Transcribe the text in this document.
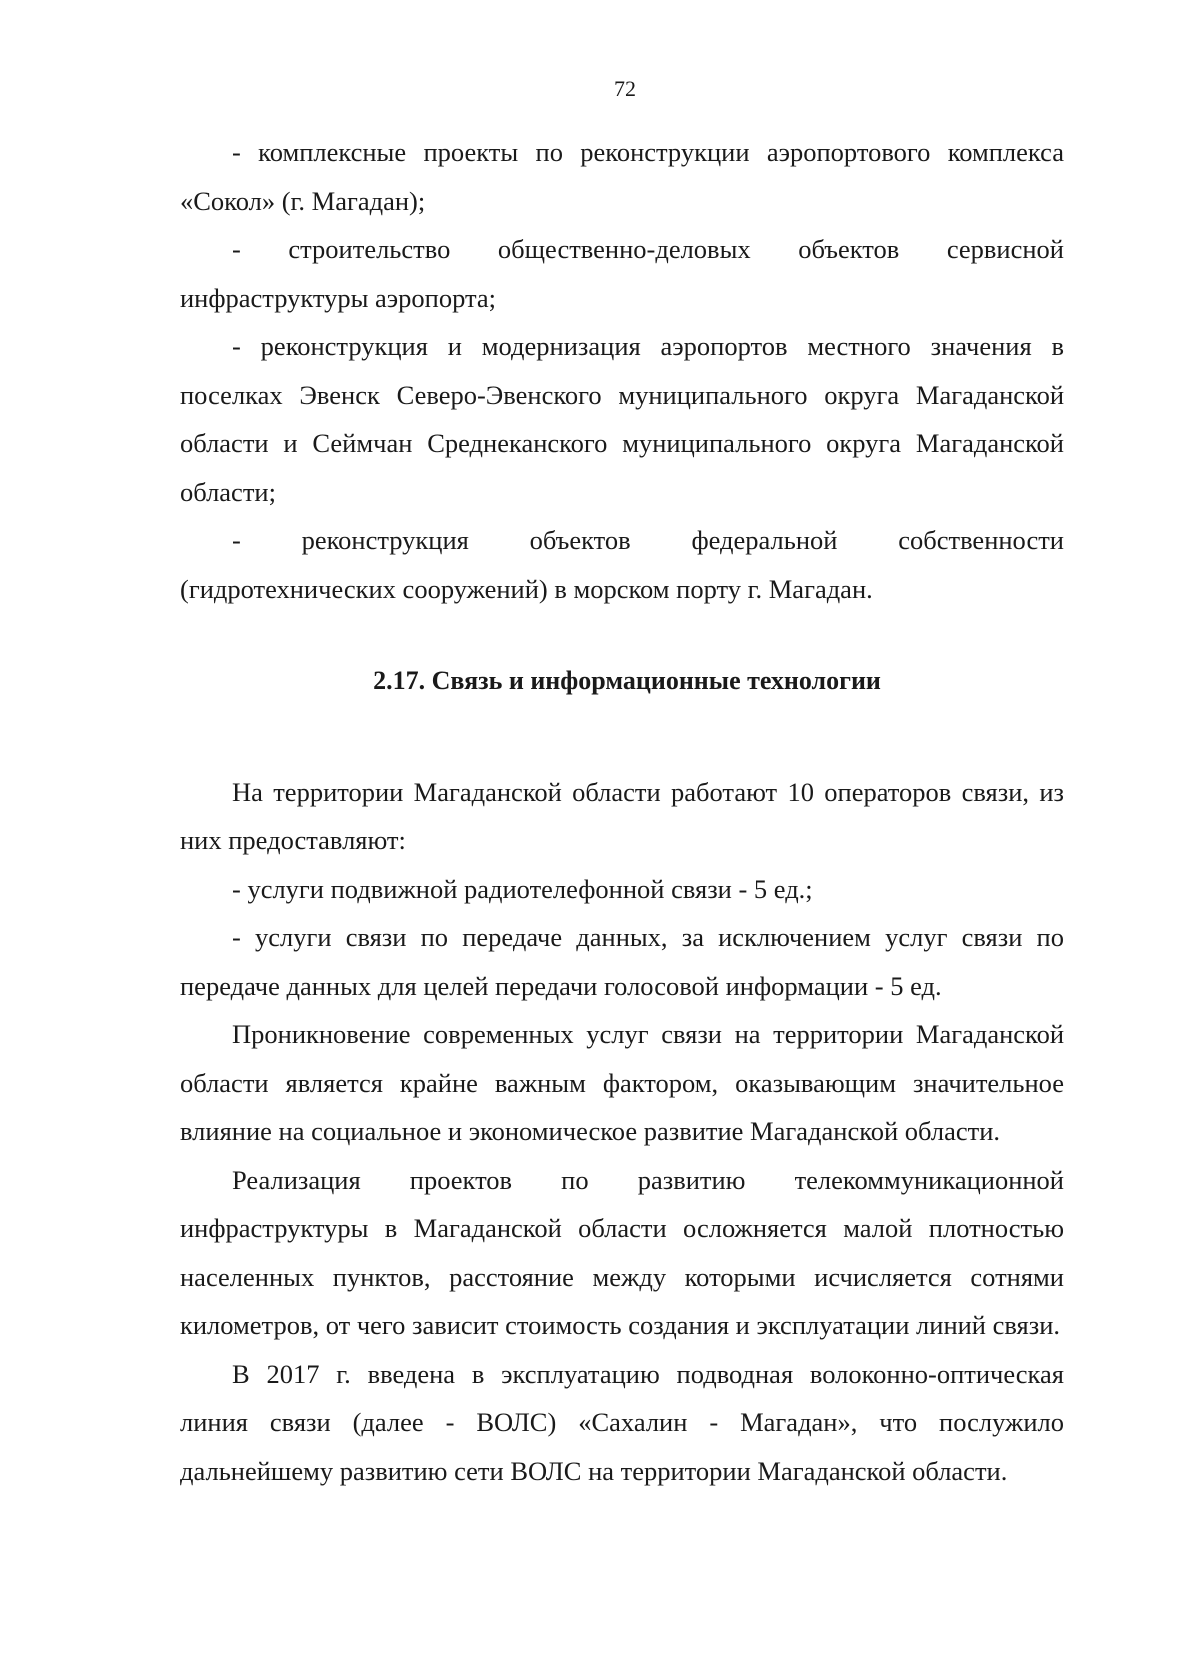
72

- комплексные проекты по реконструкции аэропортового комплекса «Сокол» (г. Магадан);

- строительство общественно-деловых объектов сервисной инфраструктуры аэропорта;

- реконструкция и модернизация аэропортов местного значения в поселках Эвенск Северо-Эвенского муниципального округа Магаданской области и Сеймчан Среднеканского муниципального округа Магаданской области;

- реконструкция объектов федеральной собственности (гидротехнических сооружений) в морском порту г. Магадан.

2.17. Связь и информационные технологии

На территории Магаданской области работают 10 операторов связи, из них предоставляют:

- услуги подвижной радиотелефонной связи - 5 ед.;

- услуги связи по передаче данных, за исключением услуг связи по передаче данных для целей передачи голосовой информации - 5 ед.

Проникновение современных услуг связи на территории Магаданской области является крайне важным фактором, оказывающим значительное влияние на социальное и экономическое развитие Магаданской области.

Реализация проектов по развитию телекоммуникационной инфраструктуры в Магаданской области осложняется малой плотностью населенных пунктов, расстояние между которыми исчисляется сотнями километров, от чего зависит стоимость создания и эксплуатации линий связи.

В 2017 г. введена в эксплуатацию подводная волоконно-оптическая линия связи (далее - ВОЛС) «Сахалин - Магадан», что послужило дальнейшему развитию сети ВОЛС на территории Магаданской области.
